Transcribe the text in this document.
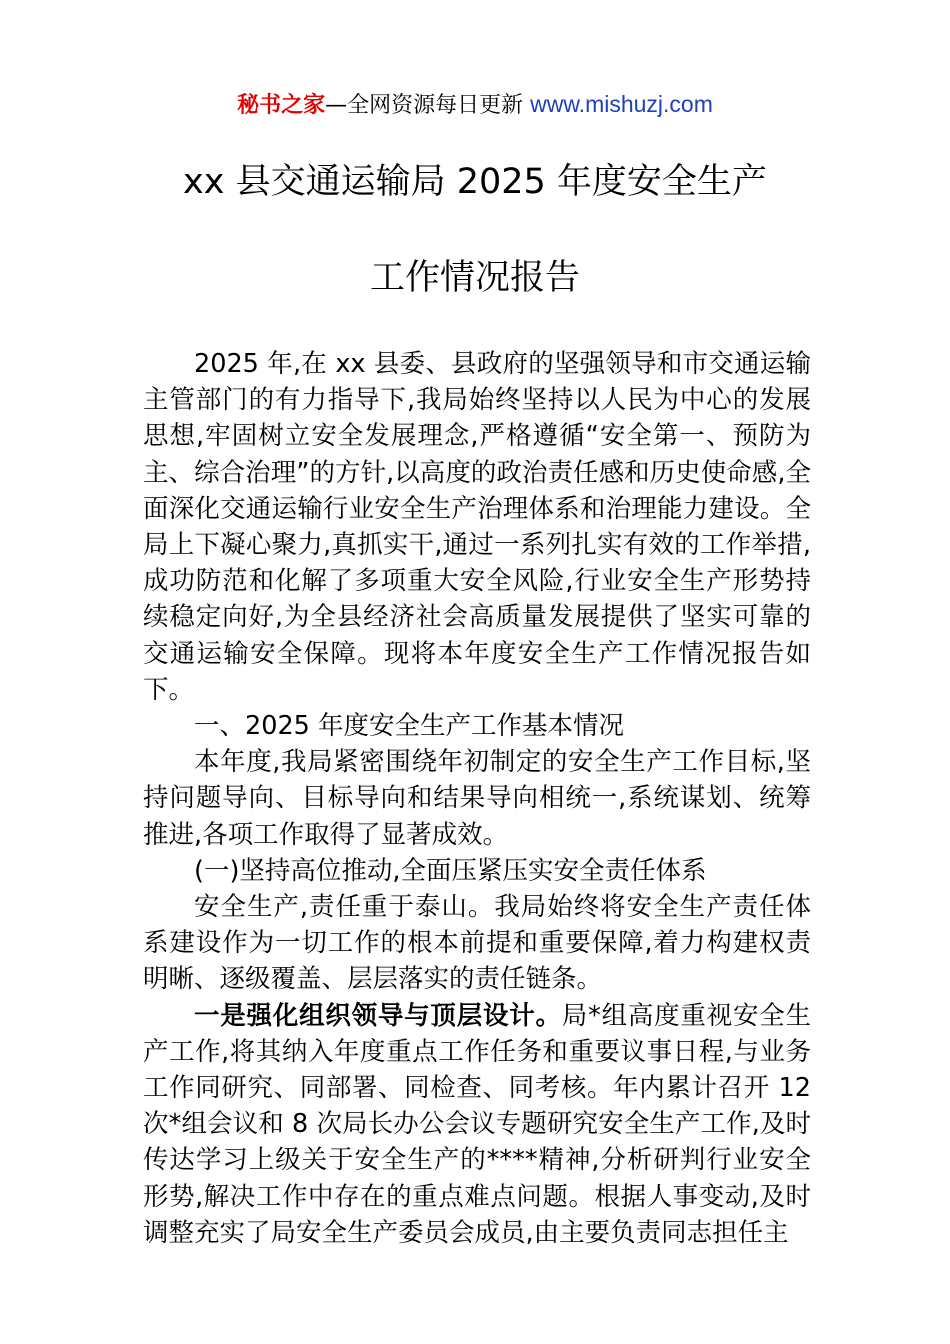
秘书之家—全网资源每日更新 www.mishuzj.com
xx 县交通运输局 2025 年度安全生产
工作情况报告

2025 年,在 xx 县委、县政府的坚强领导和市交通运输主管部门的有力指导下,我局始终坚持以人民为中心的发展思想,牢固树立安全发展理念,严格遵循“安全第一、预防为主、综合治理”的方针,以高度的政治责任感和历史使命感,全面深化交通运输行业安全生产治理体系和治理能力建设。全局上下凝心聚力,真抓实干,通过一系列扎实有效的工作举措,成功防范和化解了多项重大安全风险,行业安全生产形势持续稳定向好,为全县经济社会高质量发展提供了坚实可靠的交通运输安全保障。现将本年度安全生产工作情况报告如下。

一、2025 年度安全生产工作基本情况

本年度,我局紧密围绕年初制定的安全生产工作目标,坚持问题导向、目标导向和结果导向相统一,系统谋划、统筹推进,各项工作取得了显著成效。

(一)坚持高位推动,全面压紧压实安全责任体系

安全生产,责任重于泰山。我局始终将安全生产责任体系建设作为一切工作的根本前提和重要保障,着力构建权责明晰、逐级覆盖、层层落实的责任链条。

一是强化组织领导与顶层设计。局*组高度重视安全生产工作,将其纳入年度重点工作任务和重要议事日程,与业务工作同研究、同部署、同检查、同考核。年内累计召开 12 次*组会议和 8 次局长办公会议专题研究安全生产工作,及时传达学习上级关于安全生产的****精神,分析研判行业安全形势,解决工作中存在的重点难点问题。根据人事变动,及时调整充实了局安全生产委员会成员,由主要负责同志担任主
